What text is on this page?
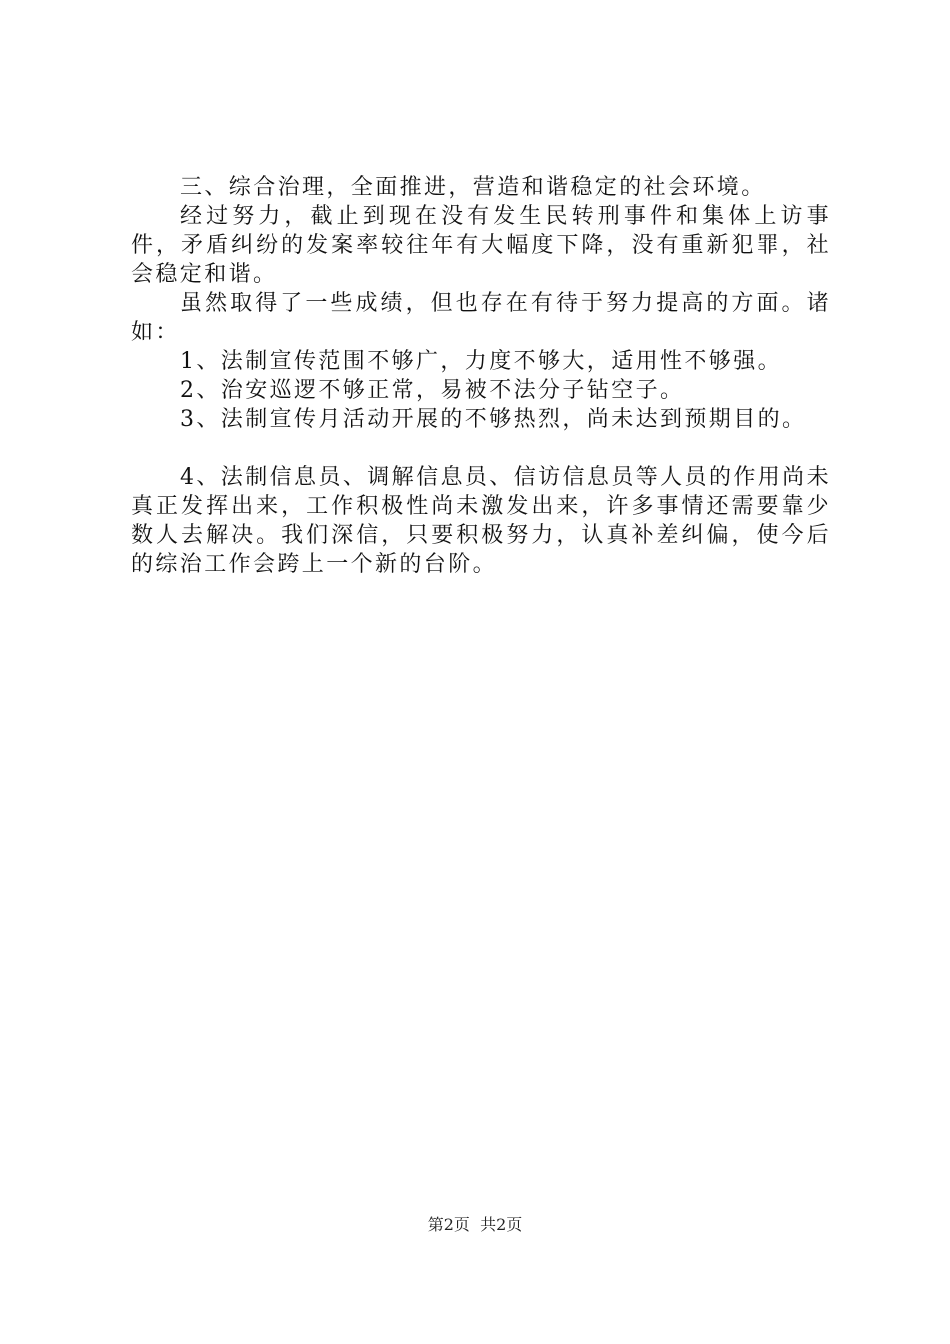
三、综合治理，全面推进，营造和谐稳定的社会环境。

经过努力，截止到现在没有发生民转刑事件和集体上访事件，矛盾纠纷的发案率较往年有大幅度下降，没有重新犯罪，社会稳定和谐。

虽然取得了一些成绩，但也存在有待于努力提高的方面。诸如：

1、法制宣传范围不够广，力度不够大，适用性不够强。

2、治安巡逻不够正常，易被不法分子钻空子。

3、法制宣传月活动开展的不够热烈，尚未达到预期目的。

4、法制信息员、调解信息员、信访信息员等人员的作用尚未真正发挥出来，工作积极性尚未激发出来，许多事情还需要靠少数人去解决。我们深信，只要积极努力，认真补差纠偏，使今后的综治工作会跨上一个新的台阶。

第2页  共2页
